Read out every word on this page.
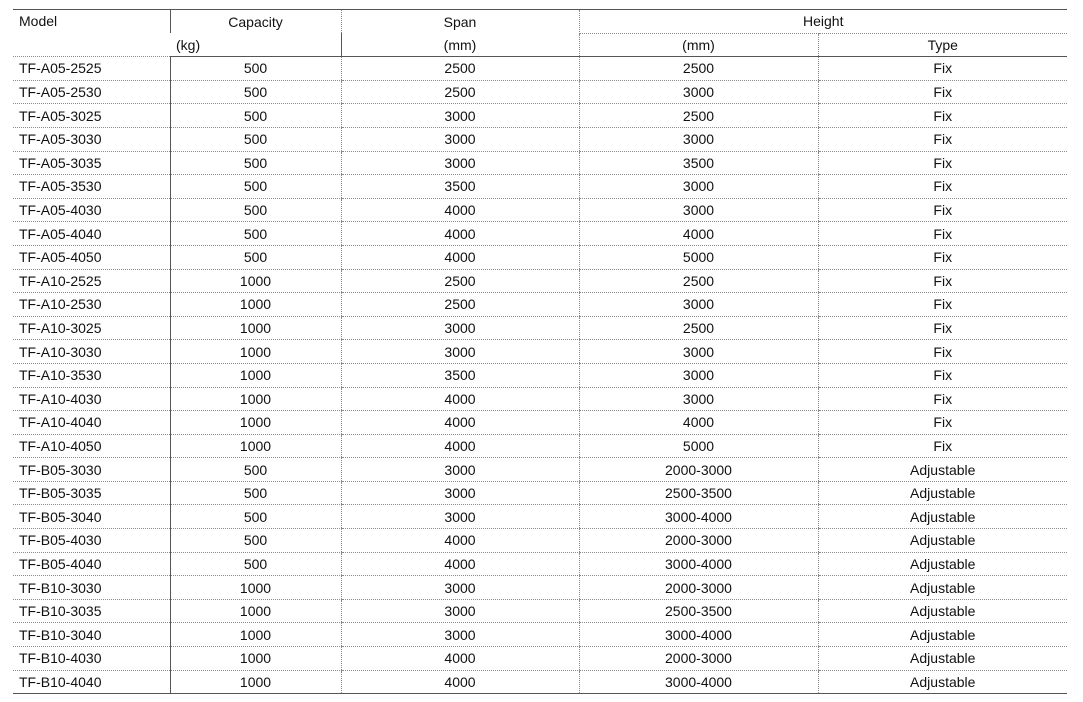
Model	Capacity	Span	Height	
	(kg)	(mm)	(mm)	Type
TF-A05-2525	500	2500	2500	Fix
TF-A05-2530	500	2500	3000	Fix
TF-A05-3025	500	3000	2500	Fix
TF-A05-3030	500	3000	3000	Fix
TF-A05-3035	500	3000	3500	Fix
TF-A05-3530	500	3500	3000	Fix
TF-A05-4030	500	4000	3000	Fix
TF-A05-4040	500	4000	4000	Fix
TF-A05-4050	500	4000	5000	Fix
TF-A10-2525	1000	2500	2500	Fix
TF-A10-2530	1000	2500	3000	Fix
TF-A10-3025	1000	3000	2500	Fix
TF-A10-3030	1000	3000	3000	Fix
TF-A10-3530	1000	3500	3000	Fix
TF-A10-4030	1000	4000	3000	Fix
TF-A10-4040	1000	4000	4000	Fix
TF-A10-4050	1000	4000	5000	Fix
TF-B05-3030	500	3000	2000-3000	Adjustable
TF-B05-3035	500	3000	2500-3500	Adjustable
TF-B05-3040	500	3000	3000-4000	Adjustable
TF-B05-4030	500	4000	2000-3000	Adjustable
TF-B05-4040	500	4000	3000-4000	Adjustable
TF-B10-3030	1000	3000	2000-3000	Adjustable
TF-B10-3035	1000	3000	2500-3500	Adjustable
TF-B10-3040	1000	3000	3000-4000	Adjustable
TF-B10-4030	1000	4000	2000-3000	Adjustable
TF-B10-4040	1000	4000	3000-4000	Adjustable
